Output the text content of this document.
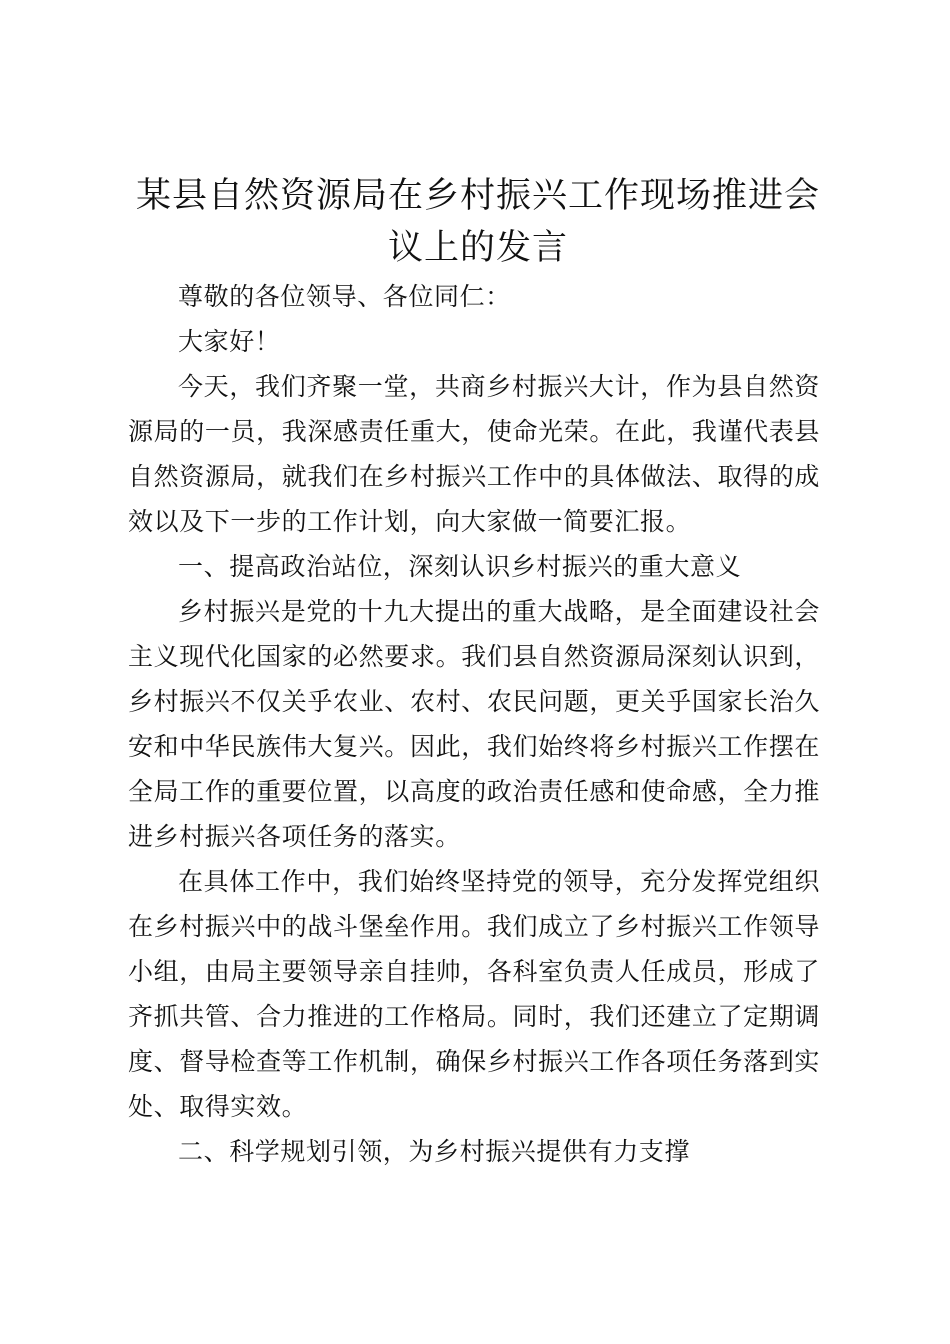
某县自然资源局在乡村振兴工作现场推进会议上的发言

尊敬的各位领导、各位同仁：

大家好！

今天，我们齐聚一堂，共商乡村振兴大计，作为县自然资源局的一员，我深感责任重大，使命光荣。在此，我谨代表县自然资源局，就我们在乡村振兴工作中的具体做法、取得的成效以及下一步的工作计划，向大家做一简要汇报。

一、提高政治站位，深刻认识乡村振兴的重大意义

乡村振兴是党的十九大提出的重大战略，是全面建设社会主义现代化国家的必然要求。我们县自然资源局深刻认识到，乡村振兴不仅关乎农业、农村、农民问题，更关乎国家长治久安和中华民族伟大复兴。因此，我们始终将乡村振兴工作摆在全局工作的重要位置，以高度的政治责任感和使命感，全力推进乡村振兴各项任务的落实。

在具体工作中，我们始终坚持党的领导，充分发挥党组织在乡村振兴中的战斗堡垒作用。我们成立了乡村振兴工作领导小组，由局主要领导亲自挂帅，各科室负责人任成员，形成了齐抓共管、合力推进的工作格局。同时，我们还建立了定期调度、督导检查等工作机制，确保乡村振兴工作各项任务落到实处、取得实效。

二、科学规划引领，为乡村振兴提供有力支撑
